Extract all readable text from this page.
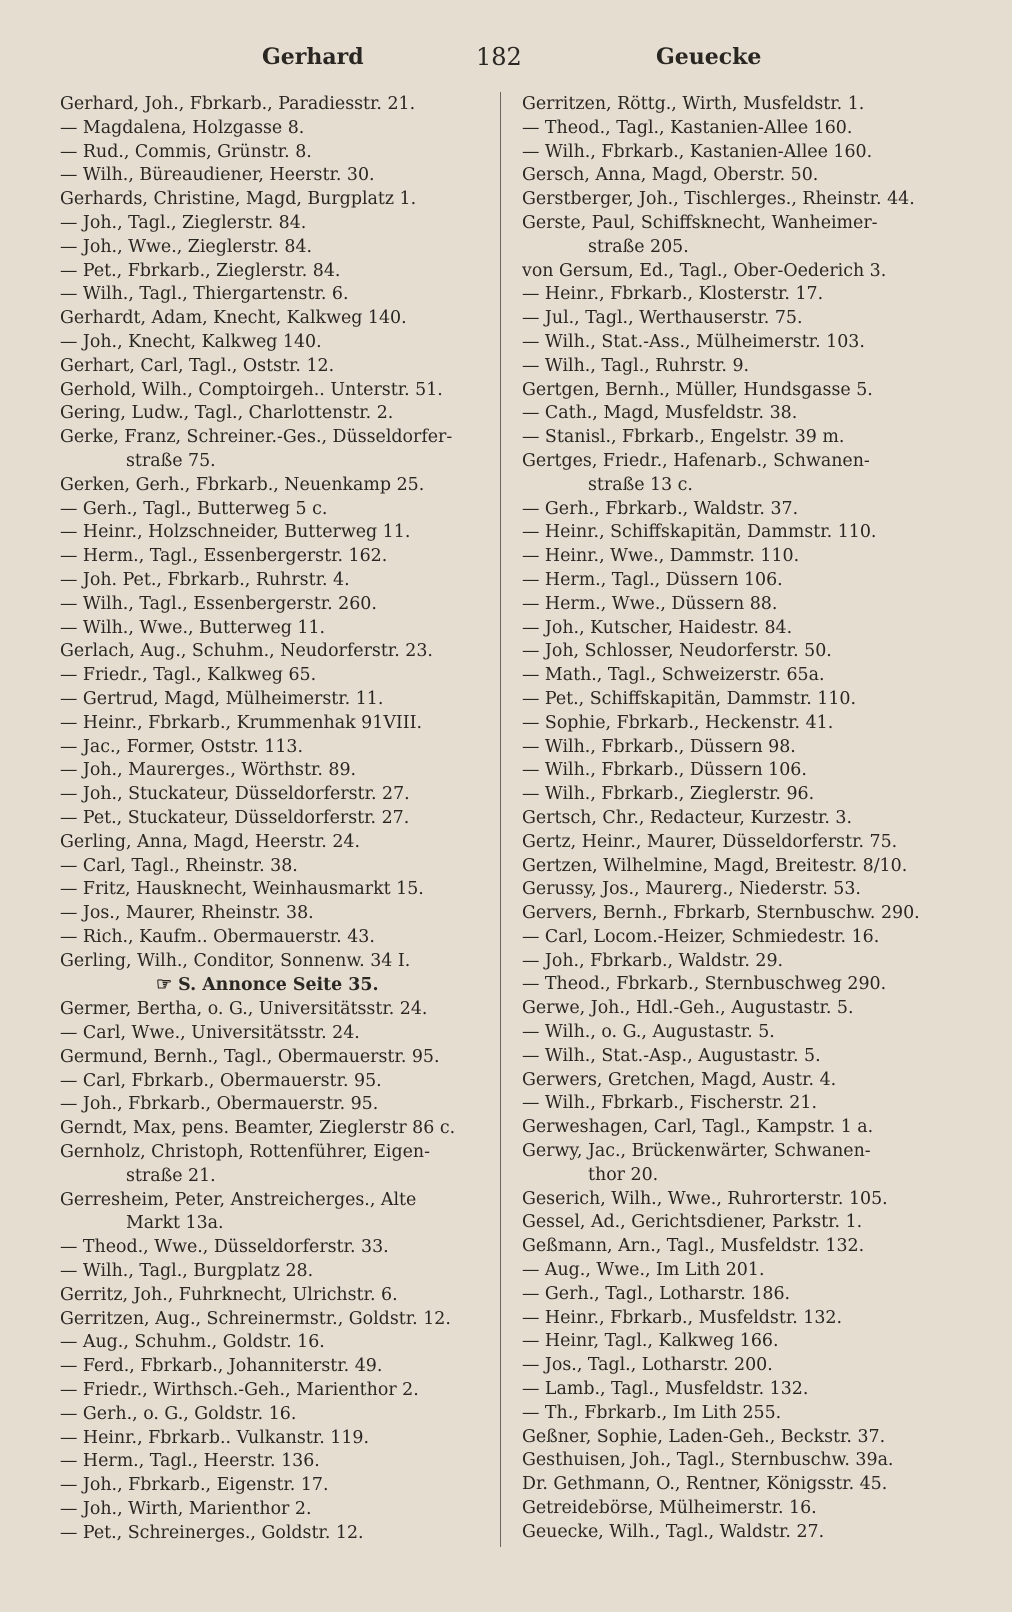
Gerhard	182	Geuecke
Gerhard, Joh., Fbrkarb., Paradiesstr. 21.
— Magdalena, Holzgasse 8.
— Rud., Commis, Grünstr. 8.
— Wilh., Büreaudiener, Heerstr. 30.
Gerhards, Christine, Magd, Burgplatz 1.
— Joh., Tagl., Zieglerstr. 84.
— Joh., Wwe., Zieglerstr. 84.
— Pet., Fbrkarb., Zieglerstr. 84.
— Wilh., Tagl., Thiergartenstr. 6.
Gerhardt, Adam, Knecht, Kalkweg 140.
— Joh., Knecht, Kalkweg 140.
Gerhart, Carl, Tagl., Oststr. 12.
Gerhold, Wilh., Comptoirgeh.. Unterstr. 51.
Gering, Ludw., Tagl., Charlottenstr. 2.
Gerke, Franz, Schreiner.-Ges., Düsseldorfer-
straße 75.
Gerken, Gerh., Fbrkarb., Neuenkamp 25.
— Gerh., Tagl., Butterweg 5 c.
— Heinr., Holzschneider, Butterweg 11.
— Herm., Tagl., Essenbergerstr. 162.
— Joh. Pet., Fbrkarb., Ruhrstr. 4.
— Wilh., Tagl., Essenbergerstr. 260.
— Wilh., Wwe., Butterweg 11.
Gerlach, Aug., Schuhm., Neudorferstr. 23.
— Friedr., Tagl., Kalkweg 65.
— Gertrud, Magd, Mülheimerstr. 11.
— Heinr., Fbrkarb., Krummenhak 91VIII.
— Jac., Former, Oststr. 113.
— Joh., Maurerges., Wörthstr. 89.
— Joh., Stuckateur, Düsseldorferstr. 27.
— Pet., Stuckateur, Düsseldorferstr. 27.
Gerling, Anna, Magd, Heerstr. 24.
— Carl, Tagl., Rheinstr. 38.
— Fritz, Hausknecht, Weinhausmarkt 15.
— Jos., Maurer, Rheinstr. 38.
— Rich., Kaufm.. Obermauerstr. 43.
Gerling, Wilh., Conditor, Sonnenw. 34 I.
☞ S. Annonce Seite 35.
Germer, Bertha, o. G., Universitätsstr. 24.
— Carl, Wwe., Universitätsstr. 24.
Germund, Bernh., Tagl., Obermauerstr. 95.
— Carl, Fbrkarb., Obermauerstr. 95.
— Joh., Fbrkarb., Obermauerstr. 95.
Gerndt, Max, pens. Beamter, Zieglerstr 86 c.
Gernholz, Christoph, Rottenführer, Eigen-
straße 21.
Gerresheim, Peter, Anstreicherges., Alte
Markt 13a.
— Theod., Wwe., Düsseldorferstr. 33.
— Wilh., Tagl., Burgplatz 28.
Gerritz, Joh., Fuhrknecht, Ulrichstr. 6.
Gerritzen, Aug., Schreinermstr., Goldstr. 12.
— Aug., Schuhm., Goldstr. 16.
— Ferd., Fbrkarb., Johanniterstr. 49.
— Friedr., Wirthsch.-Geh., Marienthor 2.
— Gerh., o. G., Goldstr. 16.
— Heinr., Fbrkarb.. Vulkanstr. 119.
— Herm., Tagl., Heerstr. 136.
— Joh., Fbrkarb., Eigenstr. 17.
— Joh., Wirth, Marienthor 2.
— Pet., Schreinerges., Goldstr. 12.
Gerritzen, Röttg., Wirth, Musfeldstr. 1.
— Theod., Tagl., Kastanien-Allee 160.
— Wilh., Fbrkarb., Kastanien-Allee 160.
Gersch, Anna, Magd, Oberstr. 50.
Gerstberger, Joh., Tischlerges., Rheinstr. 44.
Gerste, Paul, Schiffsknecht, Wanheimer-
straße 205.
von Gersum, Ed., Tagl., Ober-Oederich 3.
— Heinr., Fbrkarb., Klosterstr. 17.
— Jul., Tagl., Werthauserstr. 75.
— Wilh., Stat.-Ass., Mülheimerstr. 103.
— Wilh., Tagl., Ruhrstr. 9.
Gertgen, Bernh., Müller, Hundsgasse 5.
— Cath., Magd, Musfeldstr. 38.
— Stanisl., Fbrkarb., Engelstr. 39 m.
Gertges, Friedr., Hafenarb., Schwanen-
straße 13 c.
— Gerh., Fbrkarb., Waldstr. 37.
— Heinr., Schiffskapitän, Dammstr. 110.
— Heinr., Wwe., Dammstr. 110.
— Herm., Tagl., Düssern 106.
— Herm., Wwe., Düssern 88.
— Joh., Kutscher, Haidestr. 84.
— Joh, Schlosser, Neudorferstr. 50.
— Math., Tagl., Schweizerstr. 65a.
— Pet., Schiffskapitän, Dammstr. 110.
— Sophie, Fbrkarb., Heckenstr. 41.
— Wilh., Fbrkarb., Düssern 98.
— Wilh., Fbrkarb., Düssern 106.
— Wilh., Fbrkarb., Zieglerstr. 96.
Gertsch, Chr., Redacteur, Kurzestr. 3.
Gertz, Heinr., Maurer, Düsseldorferstr. 75.
Gertzen, Wilhelmine, Magd, Breitestr. 8/10.
Gerussy, Jos., Maurerg., Niederstr. 53.
Gervers, Bernh., Fbrkarb, Sternbuschw. 290.
— Carl, Locom.-Heizer, Schmiedestr. 16.
— Joh., Fbrkarb., Waldstr. 29.
— Theod., Fbrkarb., Sternbuschweg 290.
Gerwe, Joh., Hdl.-Geh., Augustastr. 5.
— Wilh., o. G., Augustastr. 5.
— Wilh., Stat.-Asp., Augustastr. 5.
Gerwers, Gretchen, Magd, Austr. 4.
— Wilh., Fbrkarb., Fischerstr. 21.
Gerweshagen, Carl, Tagl., Kampstr. 1 a.
Gerwy, Jac., Brückenwärter, Schwanen-
thor 20.
Geserich, Wilh., Wwe., Ruhrorterstr. 105.
Gessel, Ad., Gerichtsdiener, Parkstr. 1.
Geßmann, Arn., Tagl., Musfeldstr. 132.
— Aug., Wwe., Im Lith 201.
— Gerh., Tagl., Lotharstr. 186.
— Heinr., Fbrkarb., Musfeldstr. 132.
— Heinr, Tagl., Kalkweg 166.
— Jos., Tagl., Lotharstr. 200.
— Lamb., Tagl., Musfeldstr. 132.
— Th., Fbrkarb., Im Lith 255.
Geßner, Sophie, Laden-Geh., Beckstr. 37.
Gesthuisen, Joh., Tagl., Sternbuschw. 39a.
Dr. Gethmann, O., Rentner, Königsstr. 45.
Getreidebörse, Mülheimerstr. 16.
Geuecke, Wilh., Tagl., Waldstr. 27.
